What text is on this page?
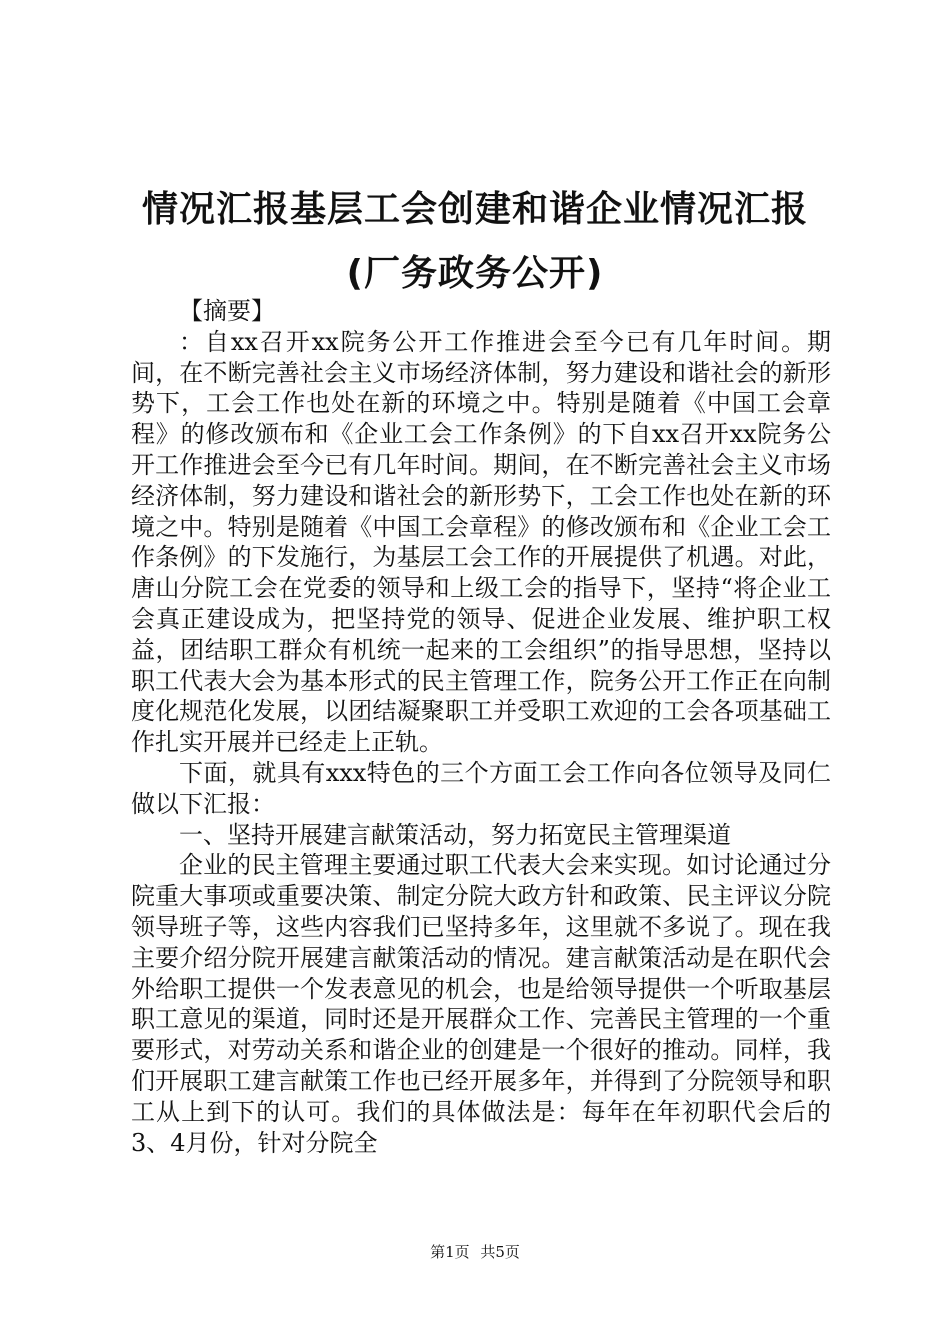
情况汇报基层工会创建和谐企业情况汇报(厂务政务公开)

【摘要】

：自xx召开xx院务公开工作推进会至今已有几年时间。期间，在不断完善社会主义市场经济体制，努力建设和谐社会的新形势下，工会工作也处在新的环境之中。特别是随着《中国工会章程》的修改颁布和《企业工会工作条例》的下自xx召开xx院务公开工作推进会至今已有几年时间。期间，在不断完善社会主义市场经济体制，努力建设和谐社会的新形势下，工会工作也处在新的环境之中。特别是随着《中国工会章程》的修改颁布和《企业工会工作条例》的下发施行，为基层工会工作的开展提供了机遇。对此，唐山分院工会在党委的领导和上级工会的指导下，坚持“将企业工会真正建设成为，把坚持党的领导、促进企业发展、维护职工权益，团结职工群众有机统一起来的工会组织”的指导思想，坚持以职工代表大会为基本形式的民主管理工作，院务公开工作正在向制度化规范化发展，以团结凝聚职工并受职工欢迎的工会各项基础工作扎实开展并已经走上正轨。

下面，就具有xxx特色的三个方面工会工作向各位领导及同仁做以下汇报：

一、坚持开展建言献策活动，努力拓宽民主管理渠道

企业的民主管理主要通过职工代表大会来实现。如讨论通过分院重大事项或重要决策、制定分院大政方针和政策、民主评议分院领导班子等，这些内容我们已坚持多年，这里就不多说了。现在我主要介绍分院开展建言献策活动的情况。建言献策活动是在职代会外给职工提供一个发表意见的机会，也是给领导提供一个听取基层职工意见的渠道，同时还是开展群众工作、完善民主管理的一个重要形式，对劳动关系和谐企业的创建是一个很好的推动。同样，我们开展职工建言献策工作也已经开展多年，并得到了分院领导和职工从上到下的认可。我们的具体做法是：每年在年初职代会后的3、4月份，针对分院全

第1页 共5页
